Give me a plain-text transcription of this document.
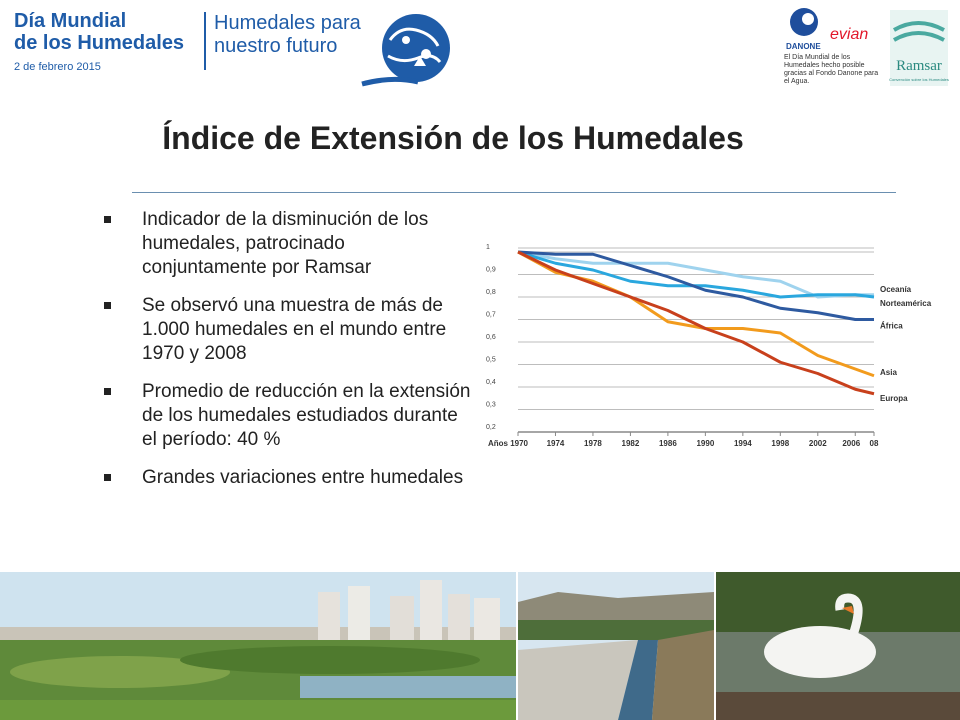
Día Mundial
de los Humedales
2 de febrero 2015
Humedales para
nuestro futuro	DANONE
evian
El Día Mundial de los Humedales hecho posible gracias al Fondo Danone para el Agua.
Ramsar
Convención sobre los Humedales
Índice de Extensión de los Humedales
Indicador de la disminución de los humedales, patrocinado conjuntamente por Ramsar
Se observó una muestra de más de 1.000 humedales en el mundo entre 1970 y 2008
Promedio de reducción en la extensión de los humedales estudiados durante el período: 40 %
Grandes variaciones entre humedales
1
0,9
0,8
0,7
0,6
0,5
0,4
0,3
0,2
Años 1970 1974 1978 1982 1986 1990 1994 1998 2002 2006 08
Oceanía
Norteamérica
África
Asia
Europa
